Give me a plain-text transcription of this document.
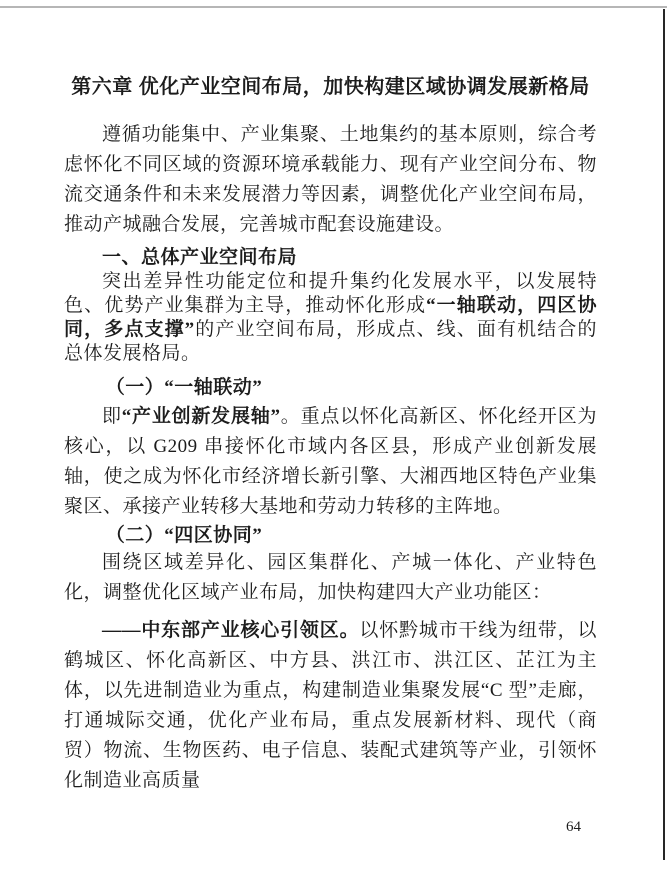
第六章 优化产业空间布局，加快构建区域协调发展新格局

遵循功能集中、产业集聚、土地集约的基本原则，综合考虑怀化不同区域的资源环境承载能力、现有产业空间分布、物流交通条件和未来发展潜力等因素，调整优化产业空间布局，推动产城融合发展，完善城市配套设施建设。

一、总体产业空间布局

突出差异性功能定位和提升集约化发展水平，以发展特色、优势产业集群为主导，推动怀化形成“一轴联动，四区协同，多点支撑”的产业空间布局，形成点、线、面有机结合的总体发展格局。

（一）“一轴联动”

即“产业创新发展轴”。重点以怀化高新区、怀化经开区为核心，以 G209 串接怀化市域内各区县，形成产业创新发展轴，使之成为怀化市经济增长新引擎、大湘西地区特色产业集聚区、承接产业转移大基地和劳动力转移的主阵地。

（二）“四区协同”

围绕区域差异化、园区集群化、产城一体化、产业特色化，调整优化区域产业布局，加快构建四大产业功能区：

——中东部产业核心引领区。以怀黔城市干线为纽带，以鹤城区、怀化高新区、中方县、洪江市、洪江区、芷江为主体，以先进制造业为重点，构建制造业集聚发展“C 型”走廊，打通城际交通，优化产业布局，重点发展新材料、现代（商贸）物流、生物医药、电子信息、装配式建筑等产业，引领怀化制造业高质量

64
